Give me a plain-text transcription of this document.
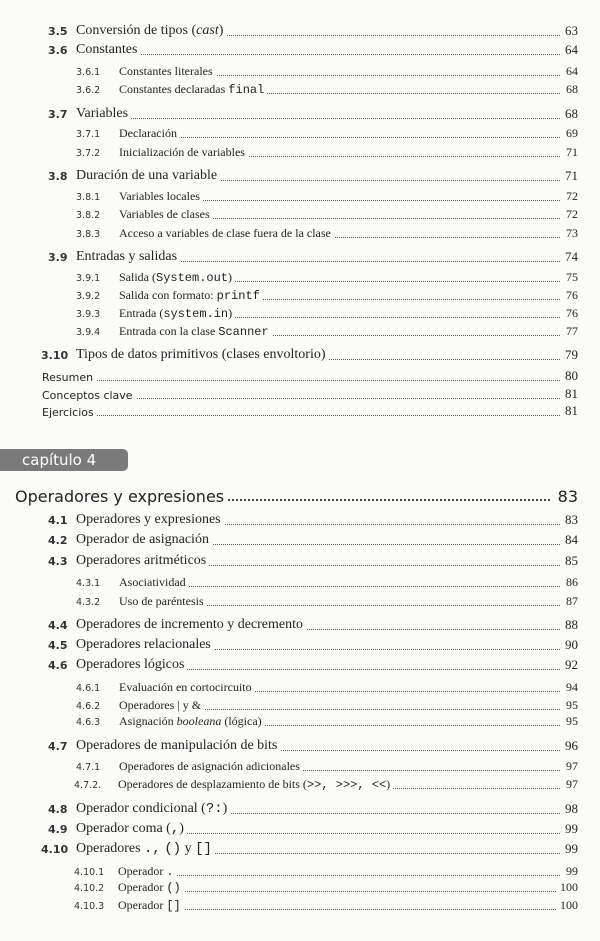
3.5 Conversión de tipos (cast)	63
3.6 Constantes	64
3.6.1 Constantes literales	64
3.6.2 Constantes declaradas final	68
3.7 Variables	68
3.7.1 Declaración	69
3.7.2 Inicialización de variables	71
3.8 Duración de una variable	71
3.8.1 Variables locales	72
3.8.2 Variables de clases	72
3.8.3 Acceso a variables de clase fuera de la clase	73
3.9 Entradas y salidas	74
3.9.1 Salida (System.out)	75
3.9.2 Salida con formato: printf	76
3.9.3 Entrada (system.in)	76
3.9.4 Entrada con la clase Scanner	77
3.10 Tipos de datos primitivos (clases envoltorio)	79
Resumen	80
Conceptos clave	81
Ejercicios	81
capítulo 4
Operadores y expresiones	83
4.1 Operadores y expresiones	83
4.2 Operador de asignación	84
4.3 Operadores aritméticos	85
4.3.1 Asociatividad	86
4.3.2 Uso de paréntesis	87
4.4 Operadores de incremento y decremento	88
4.5 Operadores relacionales	90
4.6 Operadores lógicos	92
4.6.1 Evaluación en cortocircuito	94
4.6.2 Operadores | y &	95
4.6.3 Asignación booleana (lógica)	95
4.7 Operadores de manipulación de bits	96
4.7.1 Operadores de asignación adicionales	97
4.7.2. Operadores de desplazamiento de bits (>>, >>>, <<)	97
4.8 Operador condicional (?:)	98
4.9 Operador coma (,)	99
4.10 Operadores ., () y []	99
4.10.1 Operador .	99
4.10.2 Operador ()	100
4.10.3 Operador []	100
